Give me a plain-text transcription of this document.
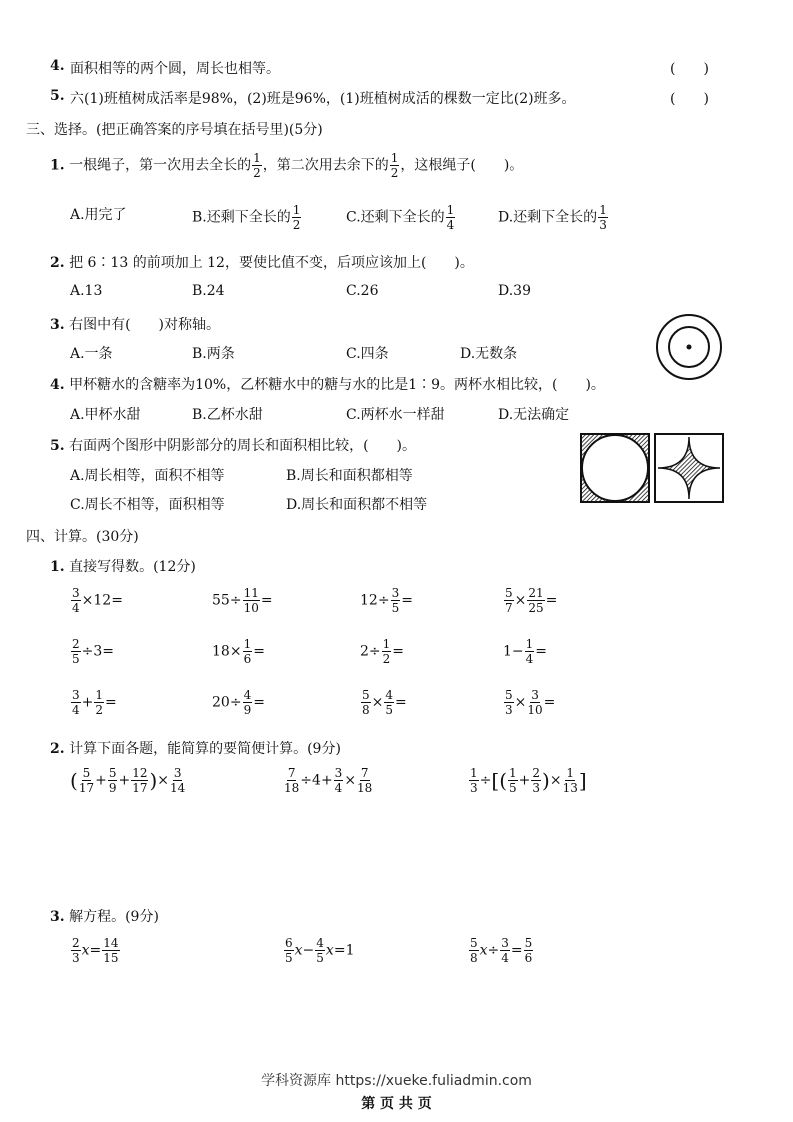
4. 面积相等的两个圆，周长也相等。	(　　)
5. 六(1)班植树成活率是98%，(2)班是96%，(1)班植树成活的棵数一定比(2)班多。	(　　)
三、选择。(把正确答案的序号填在括号里)(5分)
1. 一根绳子，第一次用去全长的 $\frac{1}{2}$ ，第二次用去余下的 $\frac{1}{2}$ ，这根绳子(　　)。
A.用完了	B.还剩下全长的 $\frac{1}{2}$	C.还剩下全长的 $\frac{1}{4}$	D.还剩下全长的 $\frac{1}{3}$
2. 把 6∶13 的前项加上 12，要使比值不变，后项应该加上(　　)。
A.13	B.24	C.26	D.39
3. 右图中有(　　)对称轴。
A.一条	B.两条	C.四条	D.无数条
4. 甲杯糖水的含糖率为10%，乙杯糖水中的糖与水的比是1∶9。两杯水相比较，(　　)。
A.甲杯水甜	B.乙杯水甜	C.两杯水一样甜	D.无法确定
5. 右面两个图形中阴影部分的周长和面积相比较，(　　)。
A.周长相等，面积不相等	B.周长和面积都相等
C.周长不相等，面积相等	D.周长和面积都不相等
四、计算。(30分)
1. 直接写得数。(12分)
$\frac{3}{4} \times 12=$	$55\div \frac{11}{10}$ =	$12\div \frac{3}{5}$ =	$\frac{5}{7} \times \frac{21}{25}$ =
$\frac{2}{5} \div 3=$	$18\times \frac{1}{6}$ =	$2\div \frac{1}{2}$ =	$1- \frac{1}{4}$ =
$\frac{3}{4} + \frac{1}{2}$ =	$20\div \frac{4}{9}$ =	$\frac{5}{8} \times \frac{4}{5}$ =	$\frac{5}{3} \times \frac{3}{10}$ =
2. 计算下面各题，能简算的要简便计算。(9分)
( $\frac{5}{17} + \frac{5}{9} + \frac{12}{17}$ )× $\frac{3}{14}$	$\frac{7}{18} \div 4+ \frac{3}{4} \times \frac{7}{18}$	$\frac{1}{3}$ ÷[( $\frac{1}{5} + \frac{2}{3}$ )× $\frac{1}{13}$ ]
3. 解方程。(9分)
$\frac{2}{3} x= \frac{14}{15}$	$\frac{6}{5} x- \frac{4}{5} x=1$	$\frac{5}{8} x\div \frac{3}{4} = \frac{5}{6}$
学科资源库 https://xueke.fuliadmin.com
第 页 共 页
